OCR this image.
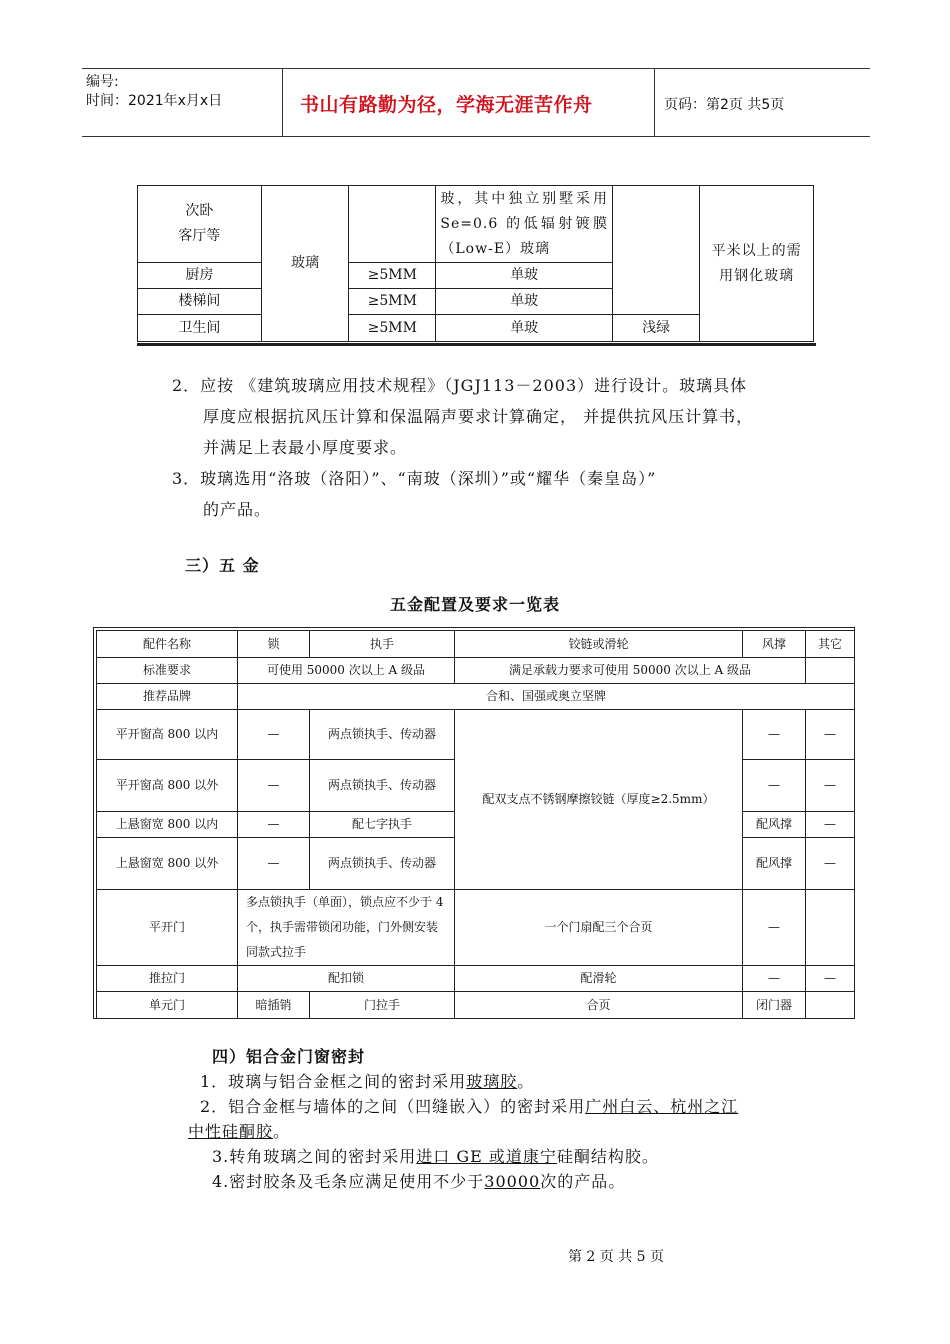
编号:
时间：2021年x月x日	书山有路勤为径，学海无涯苦作舟	页码：第2页 共5页
次卧
客厅等	玻璃		玻，其中独立别墅采用Se=0.6 的低辐射镀膜（Low-E）玻璃		平米以上的需用钢化玻璃
厨房		≥5MM	单玻		
楼梯间		≥5MM	单玻		
卫生间		≥5MM	单玻	浅绿	
2．应按 《建筑玻璃应用技术规程》（JGJ113－2003）进行设计。玻璃具体
厚度应根据抗风压计算和保温隔声要求计算确定， 并提供抗风压计算书，
并满足上表最小厚度要求。
3．玻璃选用“洛玻（洛阳）”、“南玻（深圳）”或“耀华（秦皇岛）”
的产品。
三）五 金
五金配置及要求一览表
配件名称	锁	执手	铰链或滑轮	风撑	其它
标准要求	可使用 50000 次以上 A 级品		满足承载力要求可使用 50000 次以上 A 级品		
推荐品牌	合和、国强或奥立坚牌				
平开窗高 800 以内	—	两点锁执手、传动器	配双支点不锈钢摩擦铰链（厚度≥2.5mm）	—	—
平开窗高 800 以外	—	两点锁执手、传动器		—	—
上悬窗宽 800 以内	—	配七字执手		配风撑	—
上悬窗宽 800 以外	—	两点锁执手、传动器		配风撑	—
平开门	多点锁执手（单面），锁点应不少于 4 个，执手需带锁闭功能，门外侧安装同款式拉手		一个门扇配三个合页	—	
推拉门	配扣锁		配滑轮	—	—
单元门	暗插销	门拉手	合页	闭门器	
四）铝合金门窗密封
1．玻璃与铝合金框之间的密封采用玻璃胶。
2．铝合金框与墙体的之间（凹缝嵌入）的密封采用广州白云、杭州之江
中性硅酮胶。
3.转角玻璃之间的密封采用进口 GE 或道康宁硅酮结构胶。
4.密封胶条及毛条应满足使用不少于30000次的产品。
第 2 页 共 5 页
